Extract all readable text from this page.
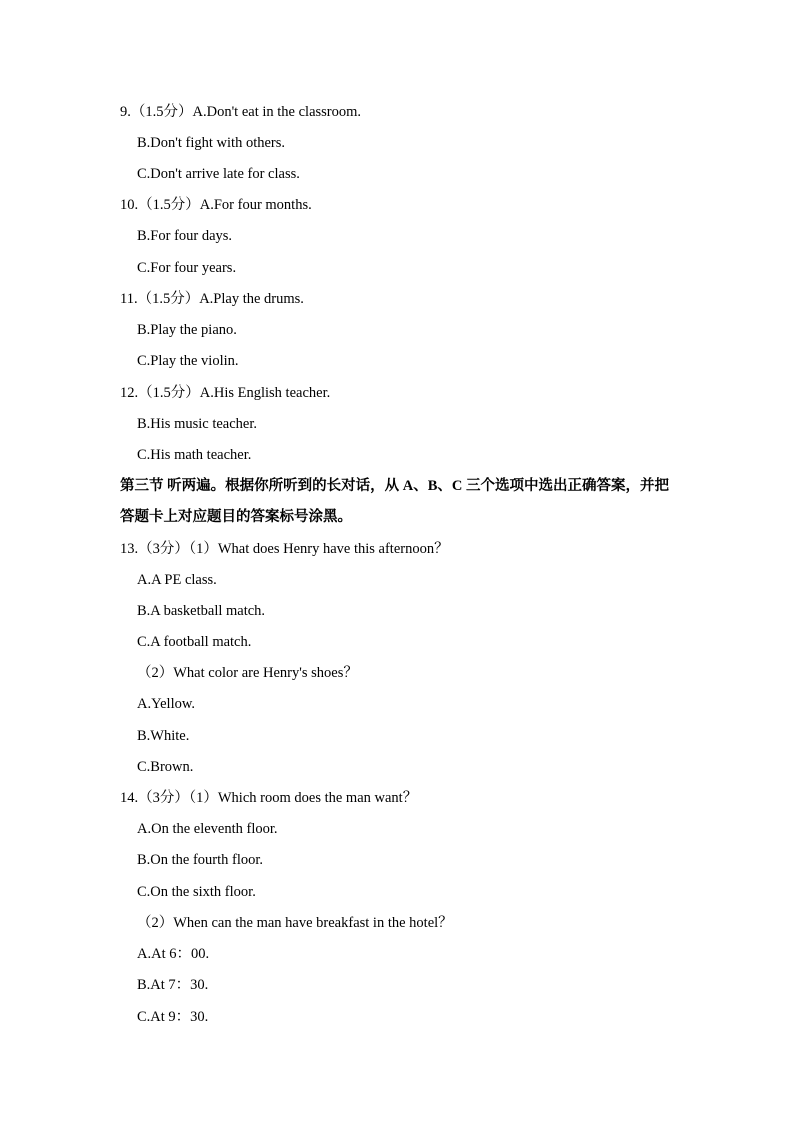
9.（1.5分）A.Don't eat in the classroom.
B.Don't fight with others.
C.Don't arrive late for class.
10.（1.5分）A.For four months.
B.For four days.
C.For four years.
11.（1.5分）A.Play the drums.
B.Play the piano.
C.Play the violin.
12.（1.5分）A.His English teacher.
B.His music teacher.
C.His math teacher.
第三节 听两遍。根据你所听到的长对话，从 A、B、C 三个选项中选出正确答案，并把答题卡上对应题目的答案标号涂黑。
13.（3分）（1）What does Henry have this afternoon？
A.A PE class.
B.A basketball match.
C.A football match.
（2）What color are Henry's shoes？
A.Yellow.
B.White.
C.Brown.
14.（3分）（1）Which room does the man want？
A.On the eleventh floor.
B.On the fourth floor.
C.On the sixth floor.
（2）When can the man have breakfast in the hotel？
A.At 6：00.
B.At 7：30.
C.At 9：30.
